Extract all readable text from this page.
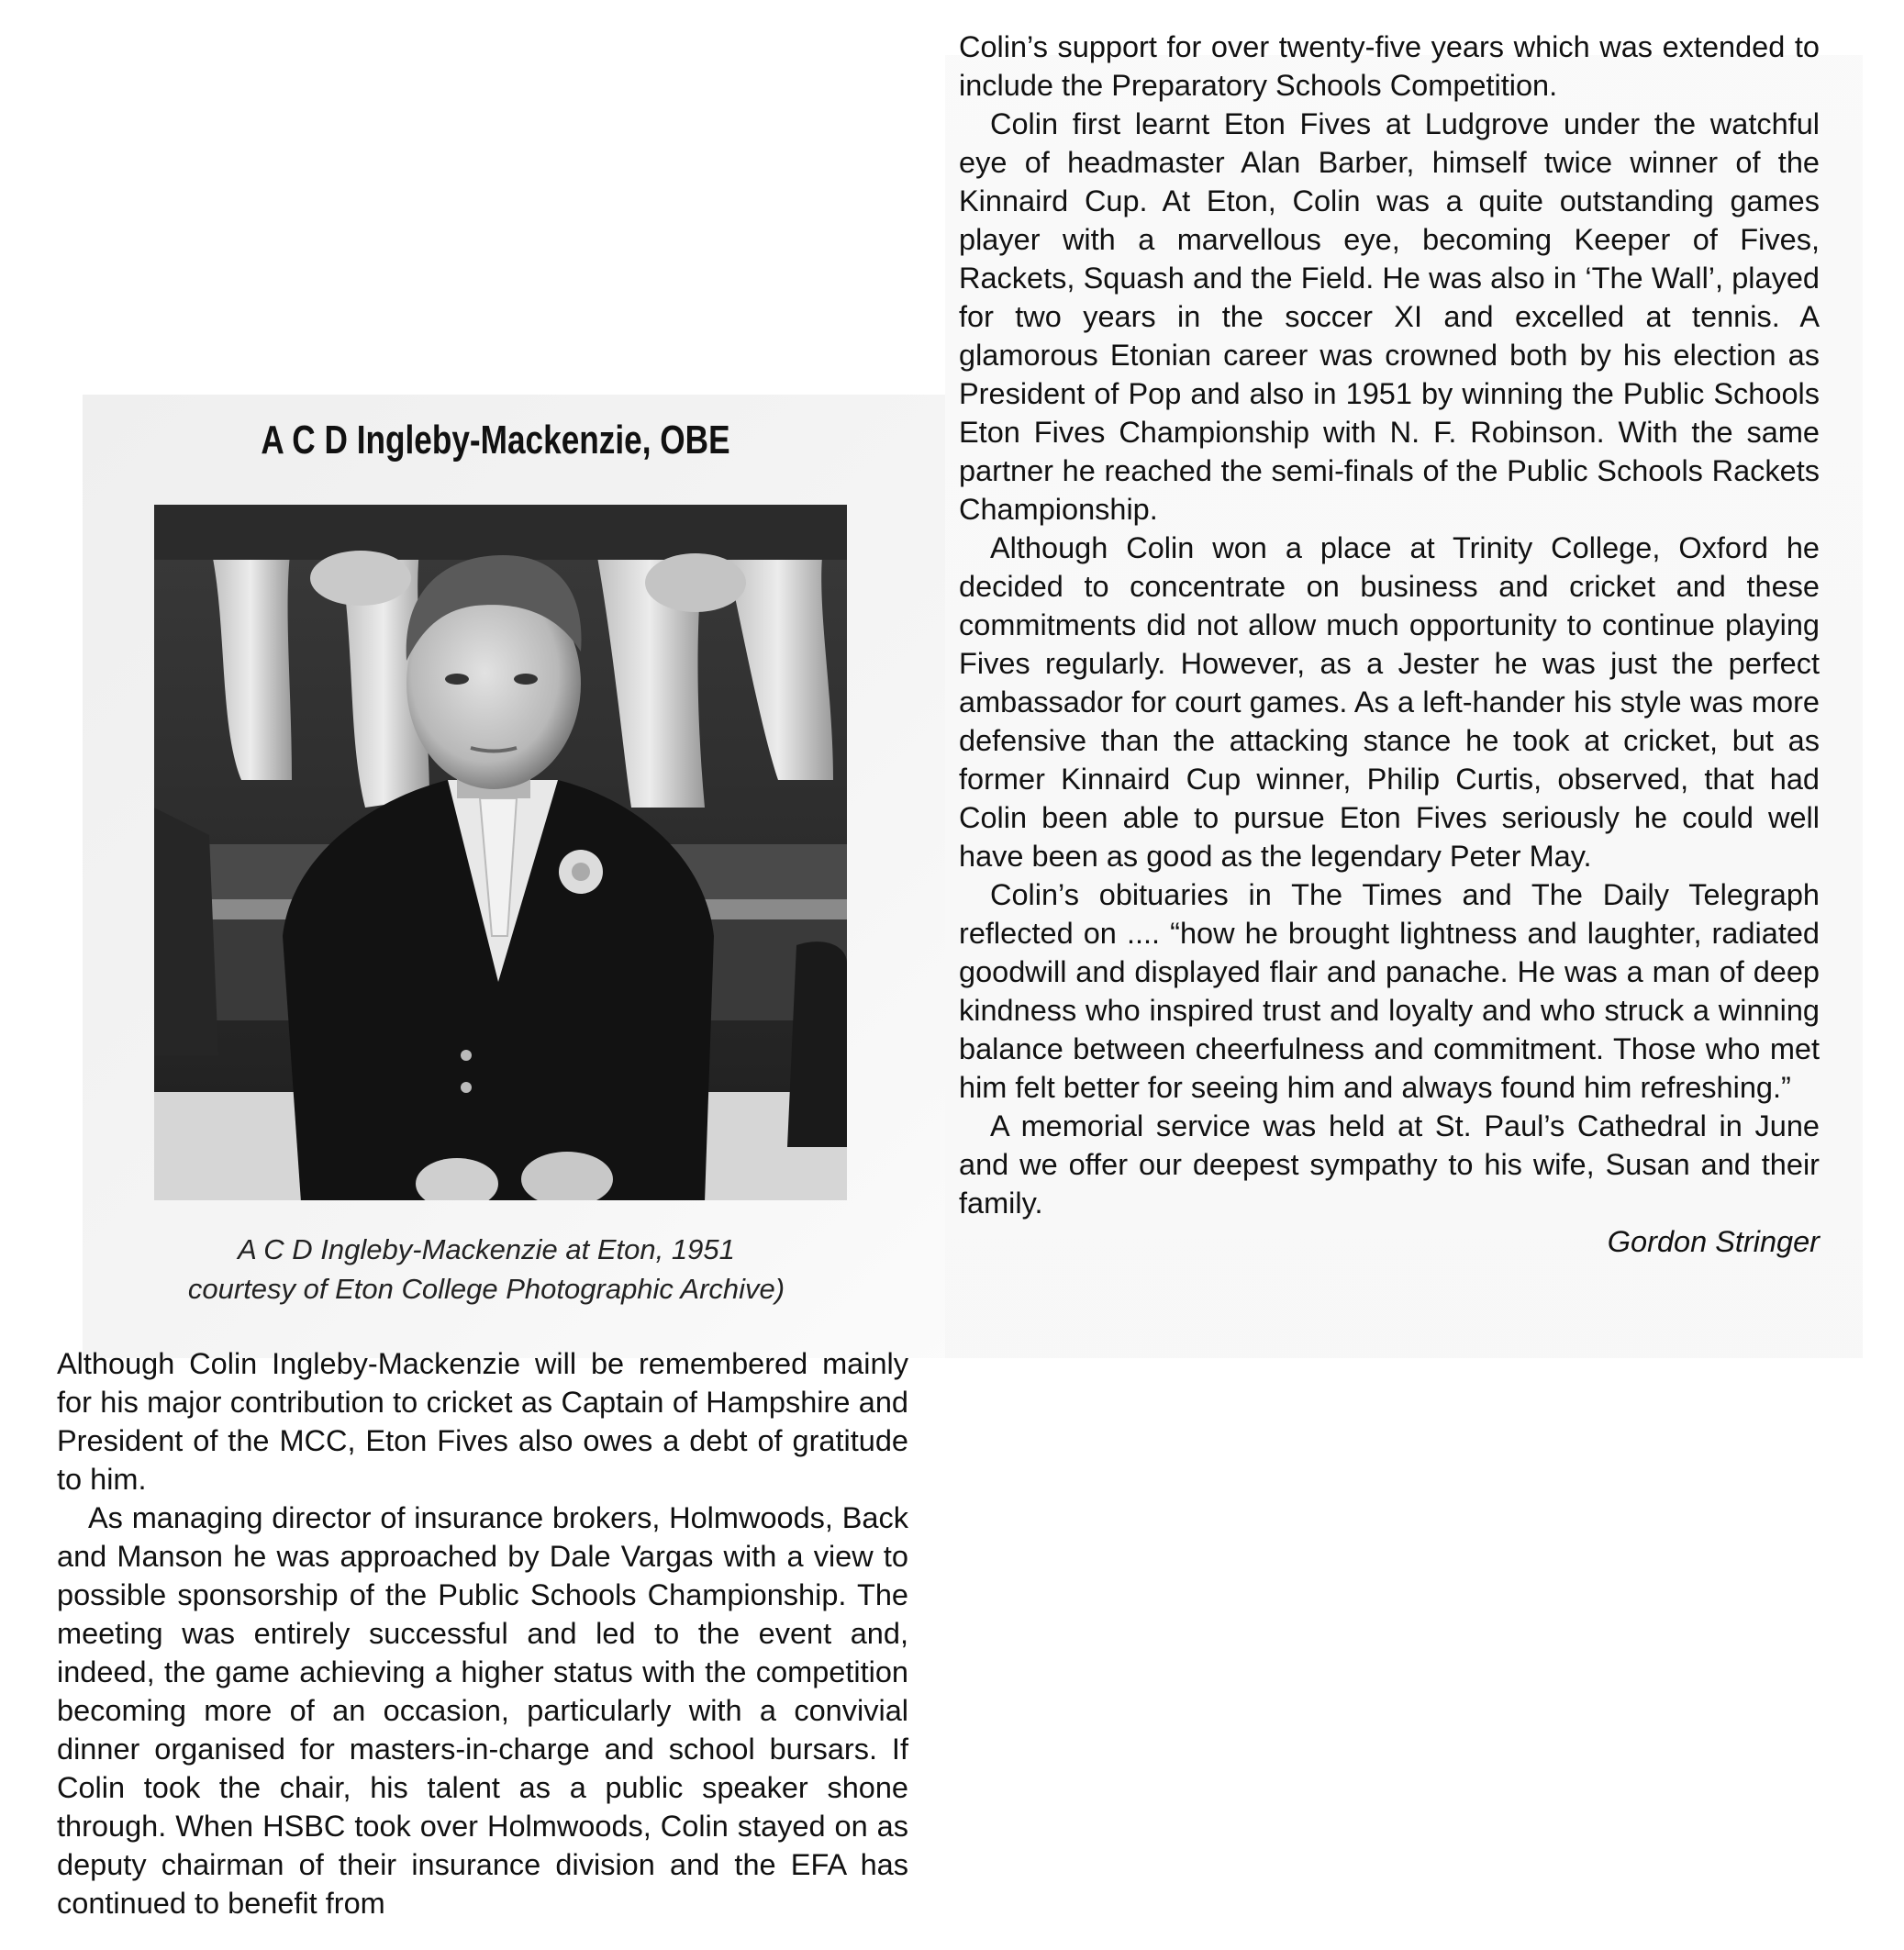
A C D Ingleby-Mackenzie, OBE
A C D Ingleby-Mackenzie at Eton, 1951
courtesy of Eton College Photographic Archive)

Although Colin Ingleby-Mackenzie will be remembered mainly for his major contribution to cricket as Captain of Hampshire and President of the MCC, Eton Fives also owes a debt of gratitude to him.

As managing director of insurance brokers, Holmwoods, Back and Manson he was approached by Dale Vargas with a view to possible sponsorship of the Public Schools Championship. The meeting was entirely successful and led to the event and, indeed, the game achieving a higher status with the competition becoming more of an occasion, particularly with a convivial dinner organised for masters-in-charge and school bursars. If Colin took the chair, his talent as a public speaker shone through. When HSBC took over Holmwoods, Colin stayed on as deputy chairman of their insurance division and the EFA has continued to benefit from

Colin’s support for over twenty-five years which was extended to include the Preparatory Schools Competition.

Colin first learnt Eton Fives at Ludgrove under the watchful eye of headmaster Alan Barber, himself twice winner of the Kinnaird Cup. At Eton, Colin was a quite outstanding games player with a marvellous eye, becoming Keeper of Fives, Rackets, Squash and the Field. He was also in ‘The Wall’, played for two years in the soccer XI and excelled at tennis. A glamorous Etonian career was crowned both by his election as President of Pop and also in 1951 by winning the Public Schools Eton Fives Championship with N. F. Robinson. With the same partner he reached the semi-finals of the Public Schools Rackets Championship.

Although Colin won a place at Trinity College, Oxford he decided to concentrate on business and cricket and these commitments did not allow much opportunity to continue playing Fives regularly. However, as a Jester he was just the perfect ambassador for court games. As a left-hander his style was more defensive than the attacking stance he took at cricket, but as former Kinnaird Cup winner, Philip Curtis, observed, that had Colin been able to pursue Eton Fives seriously he could well have been as good as the legendary Peter May.

Colin’s obituaries in The Times and The Daily Telegraph reflected on .... “how he brought lightness and laughter, radiated goodwill and displayed flair and panache. He was a man of deep kindness who inspired trust and loyalty and who struck a winning balance between cheerfulness and commitment. Those who met him felt better for seeing him and always found him refreshing.”

A memorial service was held at St. Paul’s Cathedral in June and we offer our deepest sympathy to his wife, Susan and their family.

Gordon Stringer
